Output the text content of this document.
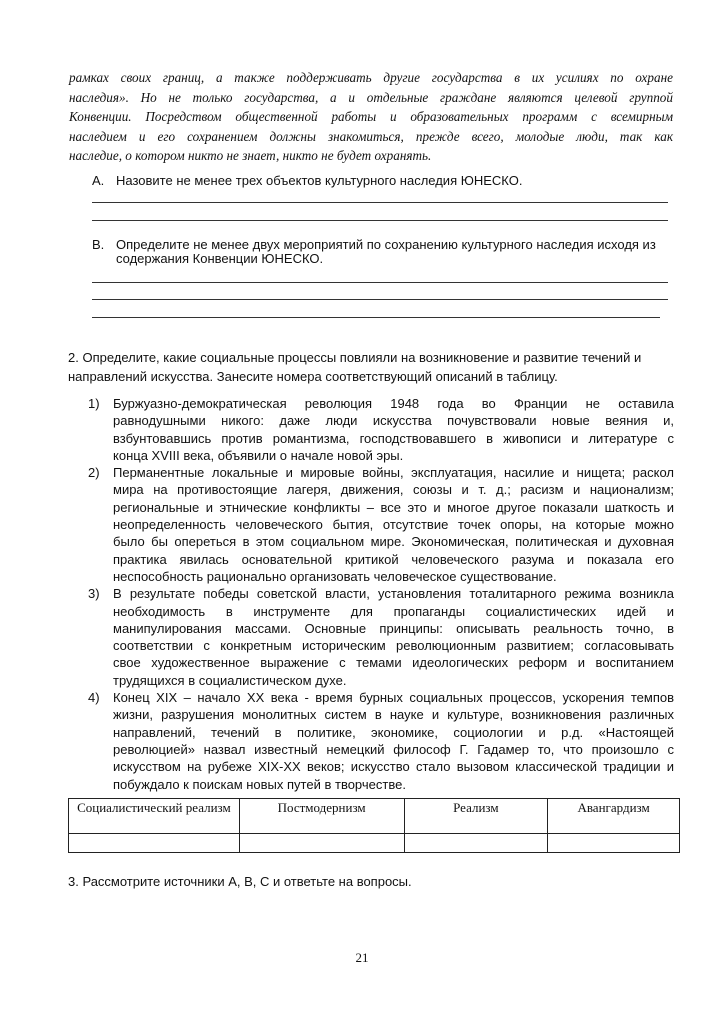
рамках своих границ, а также поддерживать другие государства в их усилиях по охране
наследия». Но не только государства, а и отдельные граждане являются целевой группой
Конвенции. Посредством общественной работы и образовательных программ с всемирным
наследием и его сохранением должны знакомиться, прежде всего, молодые люди, так как
наследие, о котором никто не знает, никто не будет охранять.
A. Назовите не менее трех объектов культурного наследия ЮНЕСКО.
B. Определите не менее двух мероприятий по сохранению культурного наследия исходя из
содержания Конвенции ЮНЕСКО.
2. Определите, какие социальные процессы повлияли на возникновение и развитие течений и
направлений искусства. Занесите номера соответствующий описаний в таблицу.
1) Буржуазно-демократическая революция 1948 года во Франции не оставила
равнодушными никого: даже люди искусства почувствовали новые веяния и,
взбунтовавшись против романтизма, господствовавшего в живописи и литературе с
конца XVIII века, объявили о начале новой эры.
2) Перманентные локальные и мировые войны, эксплуатация, насилие и нищета; раскол
мира на противостоящие лагеря, движения, союзы и т. д.; расизм и национализм;
региональные и этнические конфликты – все это и многое другое показали шаткость и
неопределенность человеческого бытия, отсутствие точек опоры, на которые можно
было бы опереться в этом социальном мире. Экономическая, политическая и духовная
практика явилась основательной критикой человеческого разума и показала его
неспособность рационально организовать человеческое существование.
3) В результате победы советской власти, установления тоталитарного режима возникла
необходимость в инструменте для пропаганды социалистических идей и
манипулирования массами. Основные принципы: описывать реальность точно, в
соответствии с конкретным историческим революционным развитием; согласовывать
свое художественное выражение с темами идеологических реформ и воспитанием
трудящихся в социалистическом духе.
4) Конец XIX – начало XX века - время бурных социальных процессов, ускорения темпов
жизни, разрушения монолитных систем в науке и культуре, возникновения различных
направлений, течений в политике, экономике, социологии и р.д. «Настоящей
революцией» назвал известный немецкий философ Г. Гадамер то, что произошло с
искусством на рубеже XIX-XX веков; искусство стало вызовом классической традиции и
побуждало к поискам новых путей в творчестве.
Социалистический реализм	Постмодернизм	Реализм	Авангардизм

3. Рассмотрите источники A, B, C и ответьте на вопросы.
21
